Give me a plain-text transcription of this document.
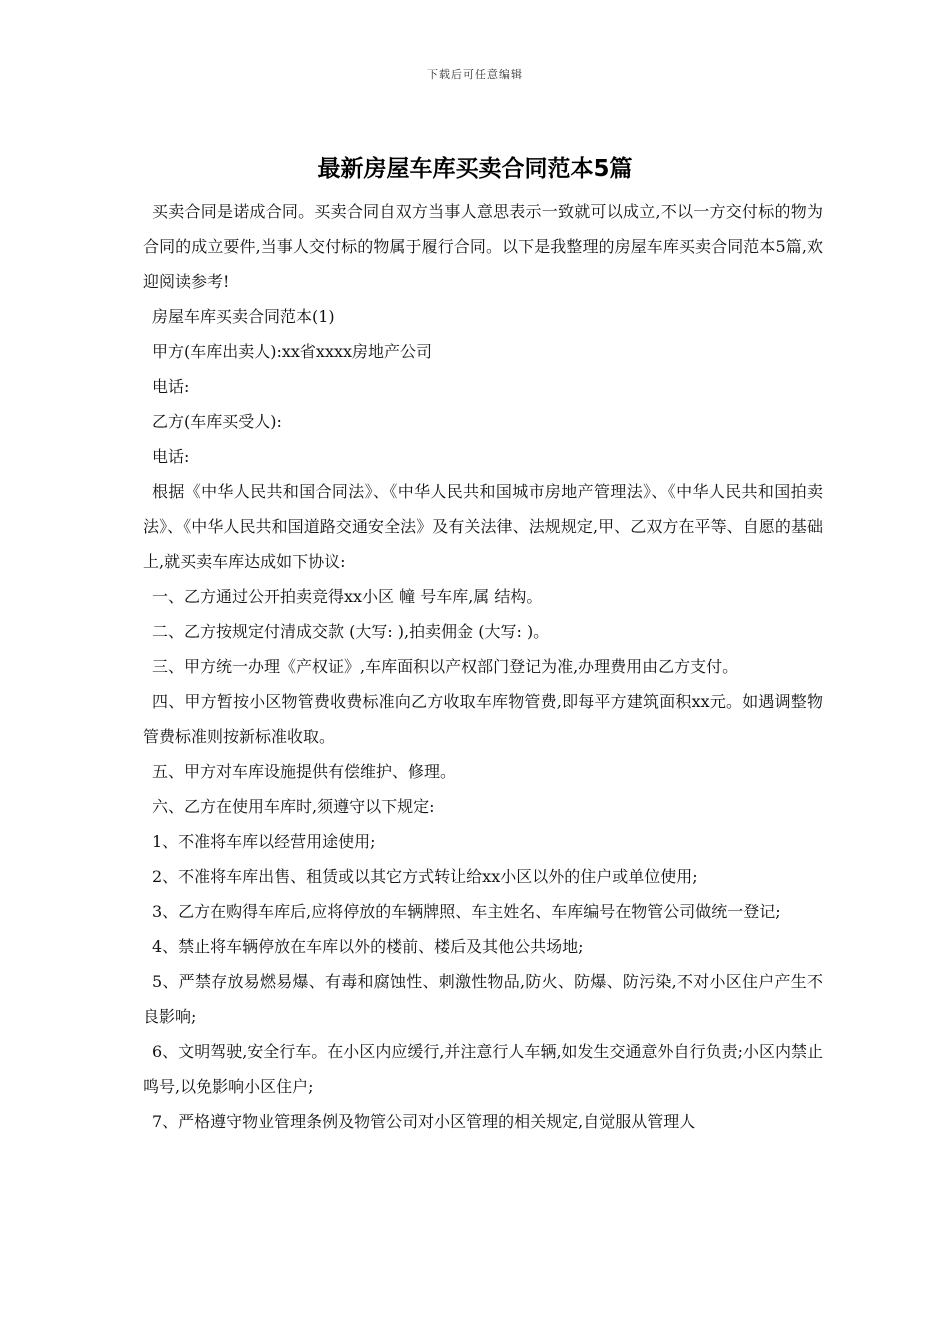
下载后可任意编辑
最新房屋车库买卖合同范本5篇

买卖合同是诺成合同。买卖合同自双方当事人意思表示一致就可以成立,不以一方交付标的物为合同的成立要件,当事人交付标的物属于履行合同。以下是我整理的房屋车库买卖合同范本5篇,欢迎阅读参考!

房屋车库买卖合同范本(1)

甲方(车库出卖人):xx省xxxx房地产公司

电话:

乙方(车库买受人):

电话:

根据《中华人民共和国合同法》、《中华人民共和国城市房地产管理法》、《中华人民共和国拍卖法》、《中华人民共和国道路交通安全法》及有关法律、法规规定,甲、乙双方在平等、自愿的基础上,就买卖车库达成如下协议:

一、乙方通过公开拍卖竞得xx小区 幢 号车库,属 结构。

二、乙方按规定付清成交款 (大写: ),拍卖佣金 (大写: )。

三、甲方统一办理《产权证》,车库面积以产权部门登记为准,办理费用由乙方支付。

四、甲方暂按小区物管费收费标准向乙方收取车库物管费,即每平方建筑面积xx元。如遇调整物管费标准则按新标准收取。

五、甲方对车库设施提供有偿维护、修理。

六、乙方在使用车库时,须遵守以下规定:

1、不准将车库以经营用途使用;

2、不准将车库出售、租赁或以其它方式转让给xx小区以外的住户或单位使用;

3、乙方在购得车库后,应将停放的车辆牌照、车主姓名、车库编号在物管公司做统一登记;

4、禁止将车辆停放在车库以外的楼前、楼后及其他公共场地;

5、严禁存放易燃易爆、有毒和腐蚀性、刺激性物品,防火、防爆、防污染,不对小区住户产生不良影响;

6、文明驾驶,安全行车。在小区内应缓行,并注意行人车辆,如发生交通意外自行负责;小区内禁止鸣号,以免影响小区住户;

7、严格遵守物业管理条例及物管公司对小区管理的相关规定,自觉服从管理人
